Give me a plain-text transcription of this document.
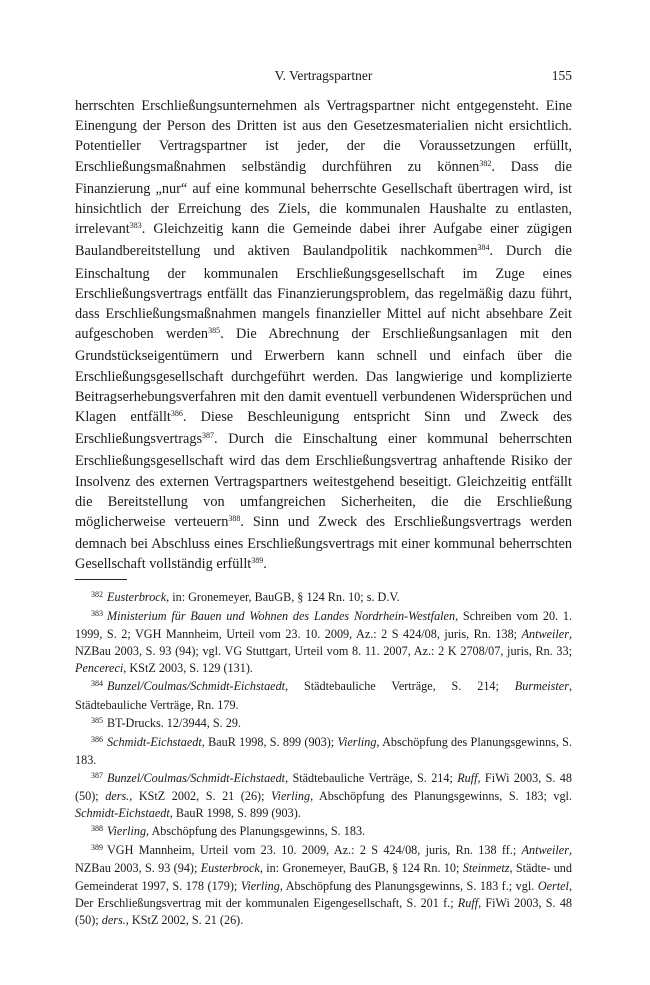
V. Vertragspartner	155
herrschten Erschließungsunternehmen als Vertragspartner nicht entgegensteht. Eine Einengung der Person des Dritten ist aus den Gesetzesmaterialien nicht ersichtlich. Potentieller Vertragspartner ist jeder, der die Voraussetzungen erfüllt, Erschließungsmaßnahmen selbständig durchführen zu können$^{382}$. Dass die Finanzierung „nur“ auf eine kommunal beherrschte Gesellschaft übertragen wird, ist hinsichtlich der Erreichung des Ziels, die kommunalen Haushalte zu entlasten, irrelevant$^{383}$. Gleichzeitig kann die Gemeinde dabei ihrer Aufgabe einer zügigen Baulandbereitstellung und aktiven Baulandpolitik nachkommen$^{384}$. Durch die Einschaltung der kommunalen Erschließungsgesellschaft im Zuge eines Erschließungsvertrags entfällt das Finanzierungsproblem, das regelmäßig dazu führt, dass Erschließungsmaßnahmen mangels finanzieller Mittel auf nicht absehbare Zeit aufgeschoben werden$^{385}$. Die Abrechnung der Erschließungsanlagen mit den Grundstückseigentümern und Erwerbern kann schnell und einfach über die Erschließungsgesellschaft durchgeführt werden. Das langwierige und komplizierte Beitragserhebungsverfahren mit den damit eventuell verbundenen Widersprüchen und Klagen entfällt$^{386}$. Diese Beschleunigung entspricht Sinn und Zweck des Erschließungsvertrags$^{387}$. Durch die Einschaltung einer kommunal beherrschten Erschließungsgesellschaft wird das dem Erschließungsvertrag anhaftende Risiko der Insolvenz des externen Vertragspartners weitestgehend beseitigt. Gleichzeitig entfällt die Bereitstellung von umfangreichen Sicherheiten, die die Erschließung möglicherweise verteuern$^{388}$. Sinn und Zweck des Erschließungsvertrags werden demnach bei Abschluss eines Erschließungsvertrags mit einer kommunal beherrschten Gesellschaft vollständig erfüllt$^{389}$.

$^{382}$ Eusterbrock, in: Gronemeyer, BauGB, § 124 Rn. 10; s. D.V.

$^{383}$ Ministerium für Bauen und Wohnen des Landes Nordrhein-Westfalen, Schreiben vom 20. 1. 1999, S. 2; VGH Mannheim, Urteil vom 23. 10. 2009, Az.: 2 S 424/08, juris, Rn. 138; Antweiler, NZBau 2003, S. 93 (94); vgl. VG Stuttgart, Urteil vom 8. 11. 2007, Az.: 2 K 2708/07, juris, Rn. 33; Pencereci, KStZ 2003, S. 129 (131).

$^{384}$ Bunzel/Coulmas/Schmidt-Eichstaedt, Städtebauliche Verträge, S. 214; Burmeister, Städtebauliche Verträge, Rn. 179.

$^{385}$ BT-Drucks. 12/3944, S. 29.

$^{386}$ Schmidt-Eichstaedt, BauR 1998, S. 899 (903); Vierling, Abschöpfung des Planungsgewinns, S. 183.

$^{387}$ Bunzel/Coulmas/Schmidt-Eichstaedt, Städtebauliche Verträge, S. 214; Ruff, FiWi 2003, S. 48 (50); ders., KStZ 2002, S. 21 (26); Vierling, Abschöpfung des Planungsgewinns, S. 183; vgl. Schmidt-Eichstaedt, BauR 1998, S. 899 (903).

$^{388}$ Vierling, Abschöpfung des Planungsgewinns, S. 183.

$^{389}$ VGH Mannheim, Urteil vom 23. 10. 2009, Az.: 2 S 424/08, juris, Rn. 138 ff.; Antweiler, NZBau 2003, S. 93 (94); Eusterbrock, in: Gronemeyer, BauGB, § 124 Rn. 10; Steinmetz, Städte- und Gemeinderat 1997, S. 178 (179); Vierling, Abschöpfung des Planungsgewinns, S. 183 f.; vgl. Oertel, Der Erschließungsvertrag mit der kommunalen Eigengesellschaft, S. 201 f.; Ruff, FiWi 2003, S. 48 (50); ders., KStZ 2002, S. 21 (26).
